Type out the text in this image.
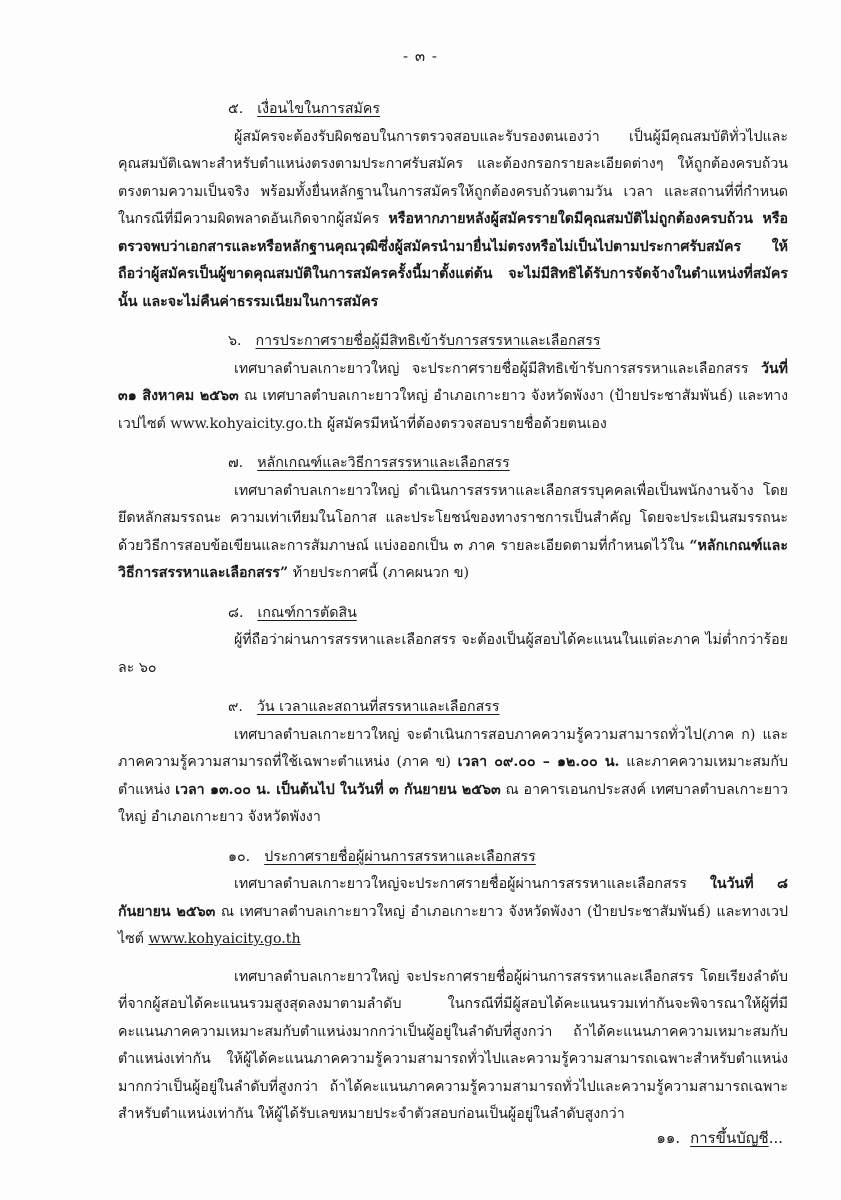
- ๓ -

๕. เงื่อนไขในการสมัคร

ผู้สมัครจะต้องรับผิดชอบในการตรวจสอบและรับรองตนเองว่า เป็นผู้มีคุณสมบัติทั่วไปและคุณสมบัติเฉพาะสำหรับตำแหน่งตรงตามประกาศรับสมัคร และต้องกรอกรายละเอียดต่างๆ ให้ถูกต้องครบถ้วนตรงตามความเป็นจริง พร้อมทั้งยื่นหลักฐานในการสมัครให้ถูกต้องครบถ้วนตามวัน เวลา และสถานที่ที่กำหนด ในกรณีที่มีความผิดพลาดอันเกิดจากผู้สมัคร หรือหากภายหลังผู้สมัครรายใดมีคุณสมบัติไม่ถูกต้องครบถ้วน หรือตรวจพบว่าเอกสารและหรือหลักฐานคุณวุฒิซึ่งผู้สมัครนำมายื่นไม่ตรงหรือไม่เป็นไปตามประกาศรับสมัคร ให้ถือว่าผู้สมัครเป็นผู้ขาดคุณสมบัติในการสมัครครั้งนี้มาตั้งแต่ต้น จะไม่มีสิทธิได้รับการจัดจ้างในตำแหน่งที่สมัครนั้น และจะไม่คืนค่าธรรมเนียมในการสมัคร

๖. การประกาศรายชื่อผู้มีสิทธิเข้ารับการสรรหาและเลือกสรร

เทศบาลตำบลเกาะยาวใหญ่ จะประกาศรายชื่อผู้มีสิทธิเข้ารับการสรรหาและเลือกสรร วันที่ ๓๑ สิงหาคม ๒๕๖๓ ณ เทศบาลตำบลเกาะยาวใหญ่ อำเภอเกาะยาว จังหวัดพังงา (ป้ายประชาสัมพันธ์) และทางเวปไซต์ www.kohyaicity.go.th ผู้สมัครมีหน้าที่ต้องตรวจสอบรายชื่อด้วยตนเอง

๗. หลักเกณฑ์และวิธีการสรรหาและเลือกสรร

เทศบาลตำบลเกาะยาวใหญ่ ดำเนินการสรรหาและเลือกสรรบุคคลเพื่อเป็นพนักงานจ้าง โดยยึดหลักสมรรถนะ ความเท่าเทียมในโอกาส และประโยชน์ของทางราชการเป็นสำคัญ โดยจะประเมินสมรรถนะด้วยวิธีการสอบข้อเขียนและการสัมภาษณ์ แบ่งออกเป็น ๓ ภาค รายละเอียดตามที่กำหนดไว้ใน “หลักเกณฑ์และวิธีการสรรหาและเลือกสรร” ท้ายประกาศนี้ (ภาคผนวก ข)

๘. เกณฑ์การตัดสิน

ผู้ที่ถือว่าผ่านการสรรหาและเลือกสรร จะต้องเป็นผู้สอบได้คะแนนในแต่ละภาค ไม่ต่ำกว่าร้อยละ ๖๐

๙. วัน เวลาและสถานที่สรรหาและเลือกสรร

เทศบาลตำบลเกาะยาวใหญ่ จะดำเนินการสอบภาคความรู้ความสามารถทั่วไป(ภาค ก) และภาคความรู้ความสามารถที่ใช้เฉพาะตำแหน่ง (ภาค ข) เวลา ๐๙.๐๐ – ๑๒.๐๐ น. และภาคความเหมาะสมกับตำแหน่ง เวลา ๑๓.๐๐ น. เป็นต้นไป ในวันที่ ๓ กันยายน ๒๕๖๓ ณ อาคารเอนกประสงค์ เทศบาลตำบลเกาะยาวใหญ่ อำเภอเกาะยาว จังหวัดพังงา

๑๐. ประกาศรายชื่อผู้ผ่านการสรรหาและเลือกสรร

เทศบาลตำบลเกาะยาวใหญ่จะประกาศรายชื่อผู้ผ่านการสรรหาและเลือกสรร ในวันที่ ๘ กันยายน ๒๕๖๓ ณ เทศบาลตำบลเกาะยาวใหญ่ อำเภอเกาะยาว จังหวัดพังงา (ป้ายประชาสัมพันธ์) และทางเวปไซต์ www.kohyaicity.go.th

เทศบาลตำบลเกาะยาวใหญ่ จะประกาศรายชื่อผู้ผ่านการสรรหาและเลือกสรร โดยเรียงลำดับที่จากผู้สอบได้คะแนนรวมสูงสุดลงมาตามลำดับ ในกรณีที่มีผู้สอบได้คะแนนรวมเท่ากันจะพิจารณาให้ผู้ที่มีคะแนนภาคความเหมาะสมกับตำแหน่งมากกว่าเป็นผู้อยู่ในลำดับที่สูงกว่า ถ้าได้คะแนนภาคความเหมาะสมกับตำแหน่งเท่ากัน ให้ผู้ได้คะแนนภาคความรู้ความสามารถทั่วไปและความรู้ความสามารถเฉพาะสำหรับตำแหน่งมากกว่าเป็นผู้อยู่ในลำดับที่สูงกว่า ถ้าได้คะแนนภาคความรู้ความสามารถทั่วไปและความรู้ความสามารถเฉพาะสำหรับตำแหน่งเท่ากัน ให้ผู้ได้รับเลขหมายประจำตัวสอบก่อนเป็นผู้อยู่ในลำดับสูงกว่า

๑๑. การขึ้นบัญชี...
